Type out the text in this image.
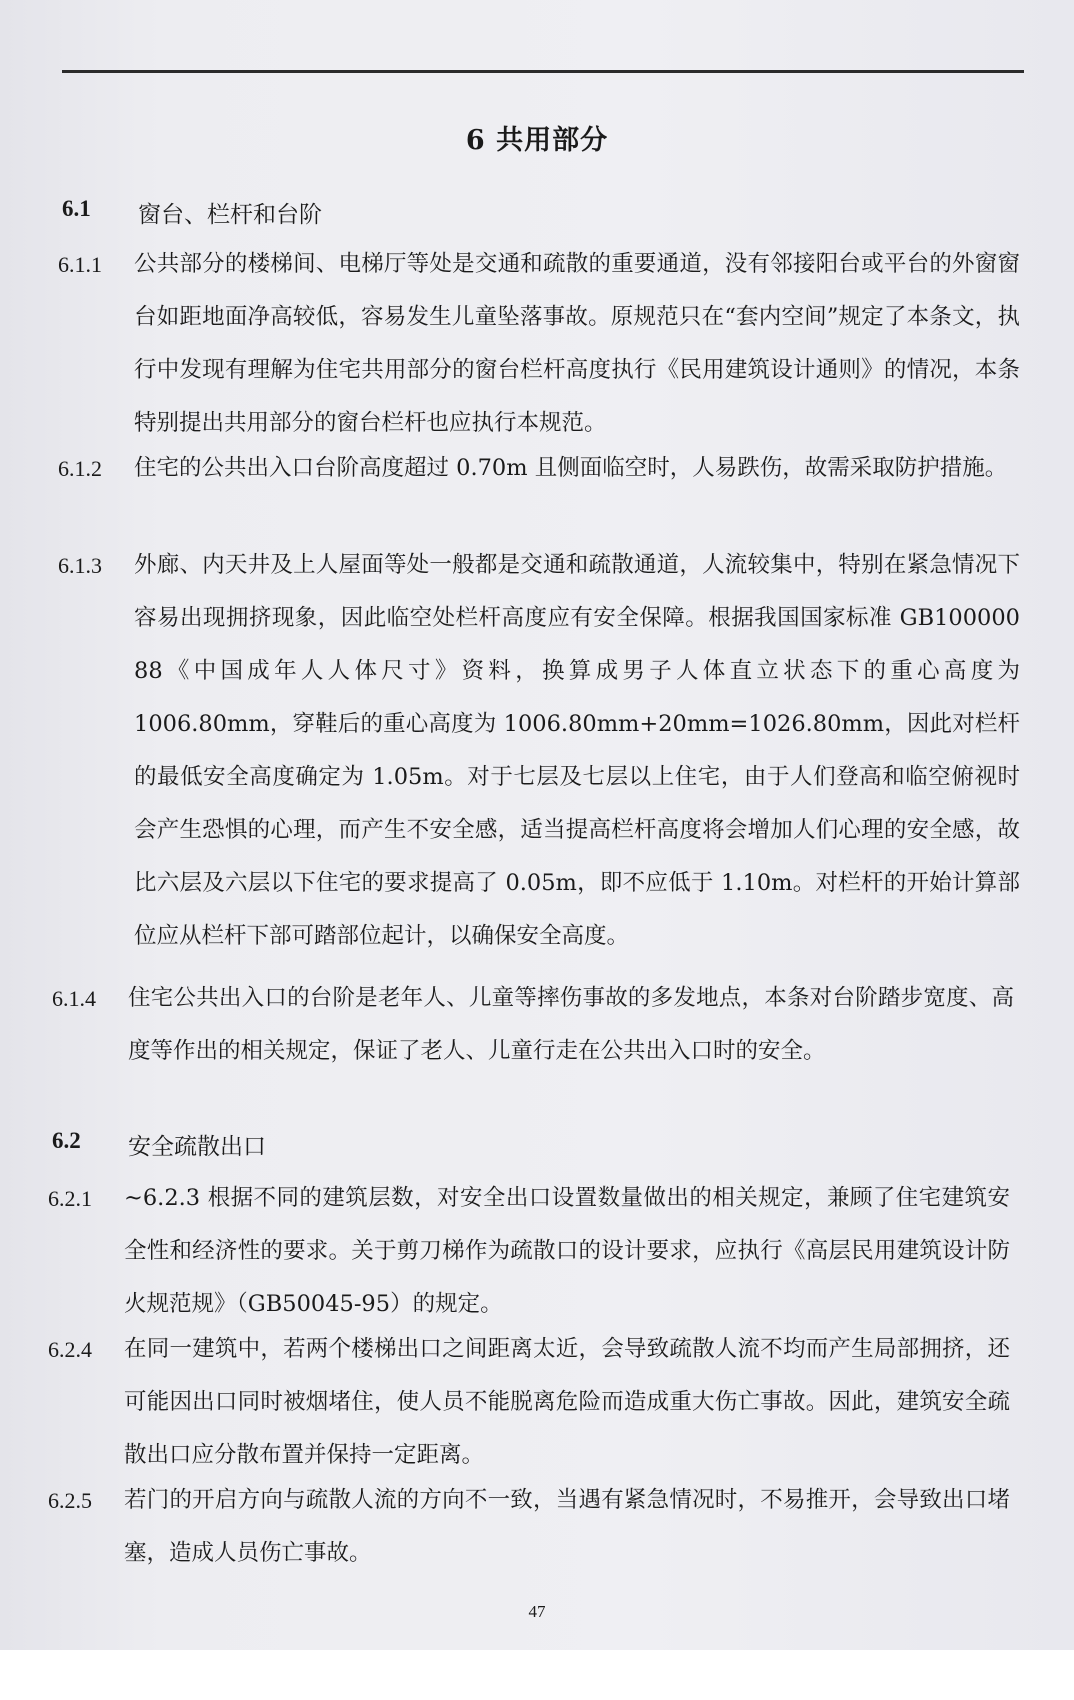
6 共用部分
6.1	窗台、栏杆和台阶
6.1.1 公共部分的楼梯间、电梯厅等处是交通和疏散的重要通道，没有邻接阳台或平台的外窗窗台如距地面净高较低，容易发生儿童坠落事故。原规范只在“套内空间”规定了本条文，执行中发现有理解为住宅共用部分的窗台栏杆高度执行《民用建筑设计通则》的情况，本条特别提出共用部分的窗台栏杆也应执行本规范。
6.1.2 住宅的公共出入口台阶高度超过 0.70m 且侧面临空时，人易跌伤，故需采取防护措施。
6.1.3 外廊、内天井及上人屋面等处一般都是交通和疏散通道，人流较集中，特别在紧急情况下容易出现拥挤现象，因此临空处栏杆高度应有安全保障。根据我国国家标准 GB100000 88《中国成年人人体尺寸》资料，换算成男子人体直立状态下的重心高度为 1006.80mm，穿鞋后的重心高度为 1006.80mm+20mm=1026.80mm，因此对栏杆的最低安全高度确定为 1.05m。对于七层及七层以上住宅，由于人们登高和临空俯视时会产生恐惧的心理，而产生不安全感，适当提高栏杆高度将会增加人们心理的安全感，故比六层及六层以下住宅的要求提高了 0.05m，即不应低于 1.10m。对栏杆的开始计算部位应从栏杆下部可踏部位起计，以确保安全高度。
6.1.4 住宅公共出入口的台阶是老年人、儿童等摔伤事故的多发地点，本条对台阶踏步宽度、高度等作出的相关规定，保证了老人、儿童行走在公共出入口时的安全。
6.2	安全疏散出口
6.2.1 ~6.2.3 根据不同的建筑层数，对安全出口设置数量做出的相关规定，兼顾了住宅建筑安全性和经济性的要求。关于剪刀梯作为疏散口的设计要求，应执行《高层民用建筑设计防火规范规》（GB50045-95）的规定。
6.2.4 在同一建筑中，若两个楼梯出口之间距离太近，会导致疏散人流不均而产生局部拥挤，还可能因出口同时被烟堵住，使人员不能脱离危险而造成重大伤亡事故。因此，建筑安全疏散出口应分散布置并保持一定距离。
6.2.5 若门的开启方向与疏散人流的方向不一致，当遇有紧急情况时，不易推开，会导致出口堵塞，造成人员伤亡事故。
47
